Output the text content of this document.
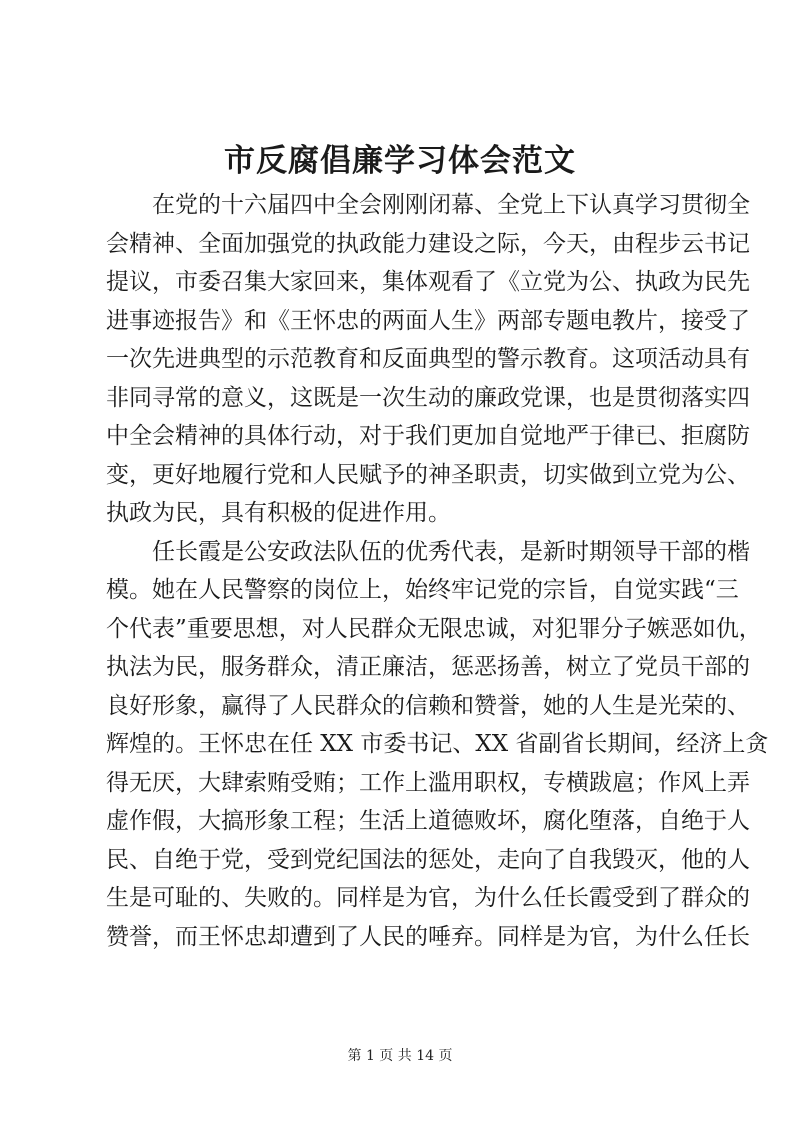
市反腐倡廉学习体会范文
在党的十六届四中全会刚刚闭幕、全党上下认真学习贯彻全
会精神、全面加强党的执政能力建设之际，今天，由程步云书记
提议，市委召集大家回来，集体观看了《立党为公、执政为民先
进事迹报告》和《王怀忠的两面人生》两部专题电教片，接受了
一次先进典型的示范教育和反面典型的警示教育。这项活动具有
非同寻常的意义，这既是一次生动的廉政党课，也是贯彻落实四
中全会精神的具体行动，对于我们更加自觉地严于律已、拒腐防
变，更好地履行党和人民赋予的神圣职责，切实做到立党为公、
执政为民，具有积极的促进作用。
任长霞是公安政法队伍的优秀代表，是新时期领导干部的楷
模。她在人民警察的岗位上，始终牢记党的宗旨，自觉实践“三
个代表”重要思想，对人民群众无限忠诚，对犯罪分子嫉恶如仇，
执法为民，服务群众，清正廉洁，惩恶扬善，树立了党员干部的
良好形象，赢得了人民群众的信赖和赞誉，她的人生是光荣的、
辉煌的。王怀忠在任 XX 市委书记、XX 省副省长期间，经济上贪
得无厌，大肆索贿受贿；工作上滥用职权，专横跋扈；作风上弄
虚作假，大搞形象工程；生活上道德败坏，腐化堕落，自绝于人
民、自绝于党，受到党纪国法的惩处，走向了自我毁灭，他的人
生是可耻的、失败的。同样是为官，为什么任长霞受到了群众的
赞誉，而王怀忠却遭到了人民的唾弃。同样是为官，为什么任长
第 1 页 共 14 页
